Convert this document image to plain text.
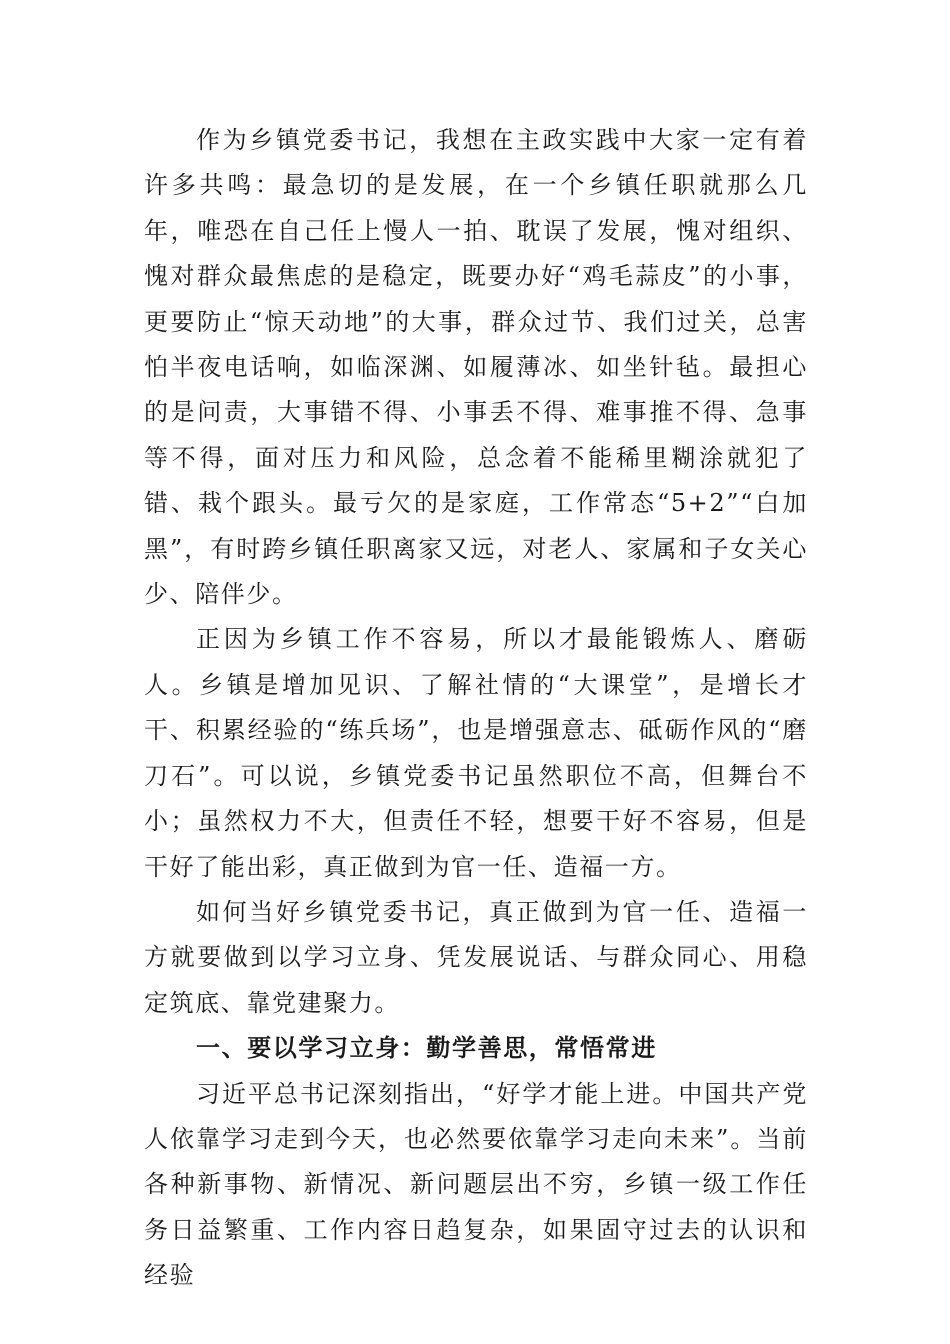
作为乡镇党委书记，我想在主政实践中大家一定有着许多共鸣：最急切的是发展，在一个乡镇任职就那么几年，唯恐在自己任上慢人一拍、耽误了发展，愧对组织、愧对群众最焦虑的是稳定，既要办好“鸡毛蒜皮”的小事，更要防止“惊天动地”的大事，群众过节、我们过关，总害怕半夜电话响，如临深渊、如履薄冰、如坐针毡。最担心的是问责，大事错不得、小事丢不得、难事推不得、急事等不得，面对压力和风险，总念着不能稀里糊涂就犯了错、栽个跟头。最亏欠的是家庭，工作常态“5+2”“白加黑”，有时跨乡镇任职离家又远，对老人、家属和子女关心少、陪伴少。

正因为乡镇工作不容易，所以才最能锻炼人、磨砺人。乡镇是增加见识、了解社情的“大课堂”，是增长才干、积累经验的“练兵场”，也是增强意志、砥砺作风的“磨刀石”。可以说，乡镇党委书记虽然职位不高，但舞台不小；虽然权力不大，但责任不轻，想要干好不容易，但是干好了能出彩，真正做到为官一任、造福一方。

如何当好乡镇党委书记，真正做到为官一任、造福一方就要做到以学习立身、凭发展说话、与群众同心、用稳定筑底、靠党建聚力。

一、要以学习立身：勤学善思，常悟常进

习近平总书记深刻指出，“好学才能上进。中国共产党人依靠学习走到今天，也必然要依靠学习走向未来”。当前各种新事物、新情况、新问题层出不穷，乡镇一级工作任务日益繁重、工作内容日趋复杂，如果固守过去的认识和经验
